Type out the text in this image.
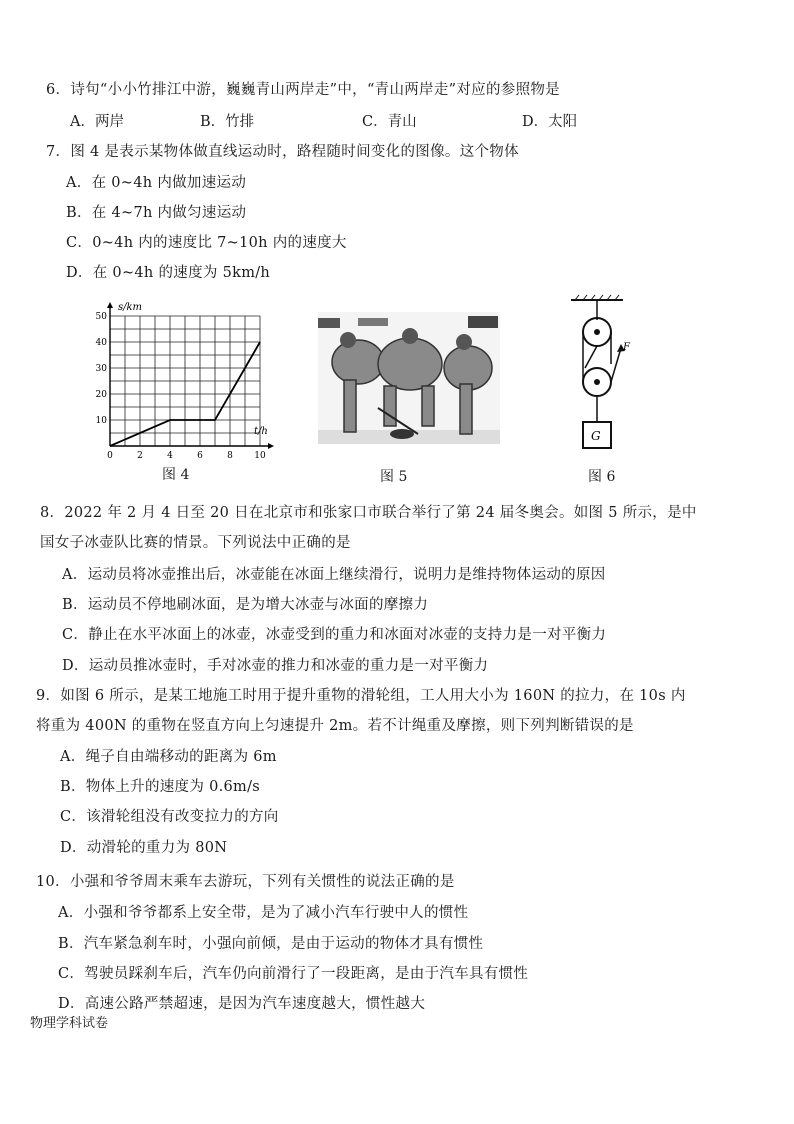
6．诗句“小小竹排江中游，巍巍青山两岸走”中，“青山两岸走”对应的参照物是
A．两岸	B．竹排	C．青山	D．太阳
7．图 4 是表示某物体做直线运动时，路程随时间变化的图像。这个物体
A．在 0~4h 内做加速运动
B．在 4~7h 内做匀速运动
C．0~4h 内的速度比 7~10h 内的速度大
D．在 0~4h 的速度为 5km/h
0	2	4	6	8 10
10
20
30
40
50
s/km
t/h
图 4	图 5
F
G
图 6
8．2022 年 2 月 4 日至 20 日在北京市和张家口市联合举行了第 24 届冬奥会。如图 5 所示，是中
国女子冰壶队比赛的情景。下列说法中正确的是
A．运动员将冰壶推出后，冰壶能在冰面上继续滑行，说明力是维持物体运动的原因
B．运动员不停地刷冰面，是为增大冰壶与冰面的摩擦力
C．静止在水平冰面上的冰壶，冰壶受到的重力和冰面对冰壶的支持力是一对平衡力
D．运动员推冰壶时，手对冰壶的推力和冰壶的重力是一对平衡力
9．如图 6 所示，是某工地施工时用于提升重物的滑轮组，工人用大小为 160N 的拉力，在 10s 内
将重为 400N 的重物在竖直方向上匀速提升 2m。若不计绳重及摩擦，则下列判断错误的是
A．绳子自由端移动的距离为 6m
B．物体上升的速度为 0.6m/s
C．该滑轮组没有改变拉力的方向
D．动滑轮的重力为 80N
10．小强和爷爷周末乘车去游玩，下列有关惯性的说法正确的是
A．小强和爷爷都系上安全带，是为了减小汽车行驶中人的惯性
B．汽车紧急刹车时，小强向前倾，是由于运动的物体才具有惯性
C．驾驶员踩刹车后，汽车仍向前滑行了一段距离，是由于汽车具有惯性
D．高速公路严禁超速，是因为汽车速度越大，惯性越大
物理学科试卷
